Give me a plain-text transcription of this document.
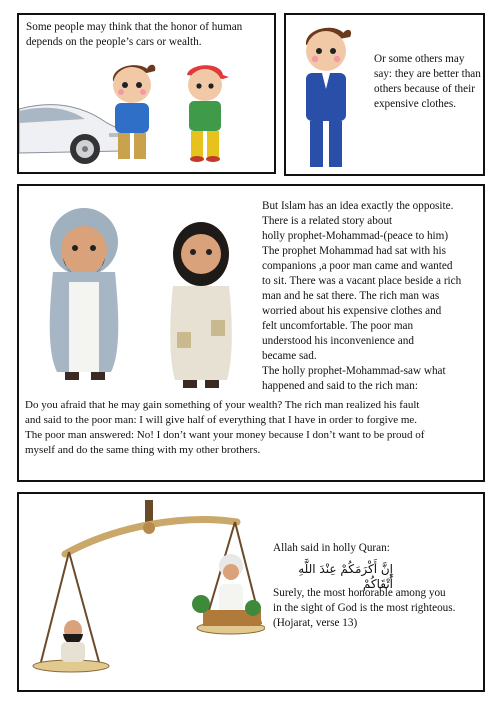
Some people may think that the honor of human depends on the people’s cars or wealth.
Or some others may say: they are better than others because of their expensive clothes.
But Islam has an idea exactly the opposite.
There is a related story about
holly prophet-Mohammad-(peace to him)
The prophet Mohammad had sat with his
companions ,a poor man came and wanted
to sit. There was a vacant place beside a rich
man and he sat there. The rich man was
worried about his expensive clothes and
felt uncomfortable. The poor man
understood his inconvenience and
became sad.
The holly prophet-Mohammad-saw what
happened and said to the rich man:
Do you afraid that he may gain something of your wealth? The rich man realized his fault
and said to the poor man: I will give half of everything that I have in order to forgive me.
The poor man answered: No! I don’t want your money because I don’t want to be proud of
myself and do the same thing with my other brothers.
Allah said in holly Quran:
إِنَّ أَكْرَمَكُمْ عِنْدَ اللَّهِ أَتْقَاكُمْ
Surely, the most honorable among you
in the sight of God is the most righteous.
(Hojarat, verse 13)
